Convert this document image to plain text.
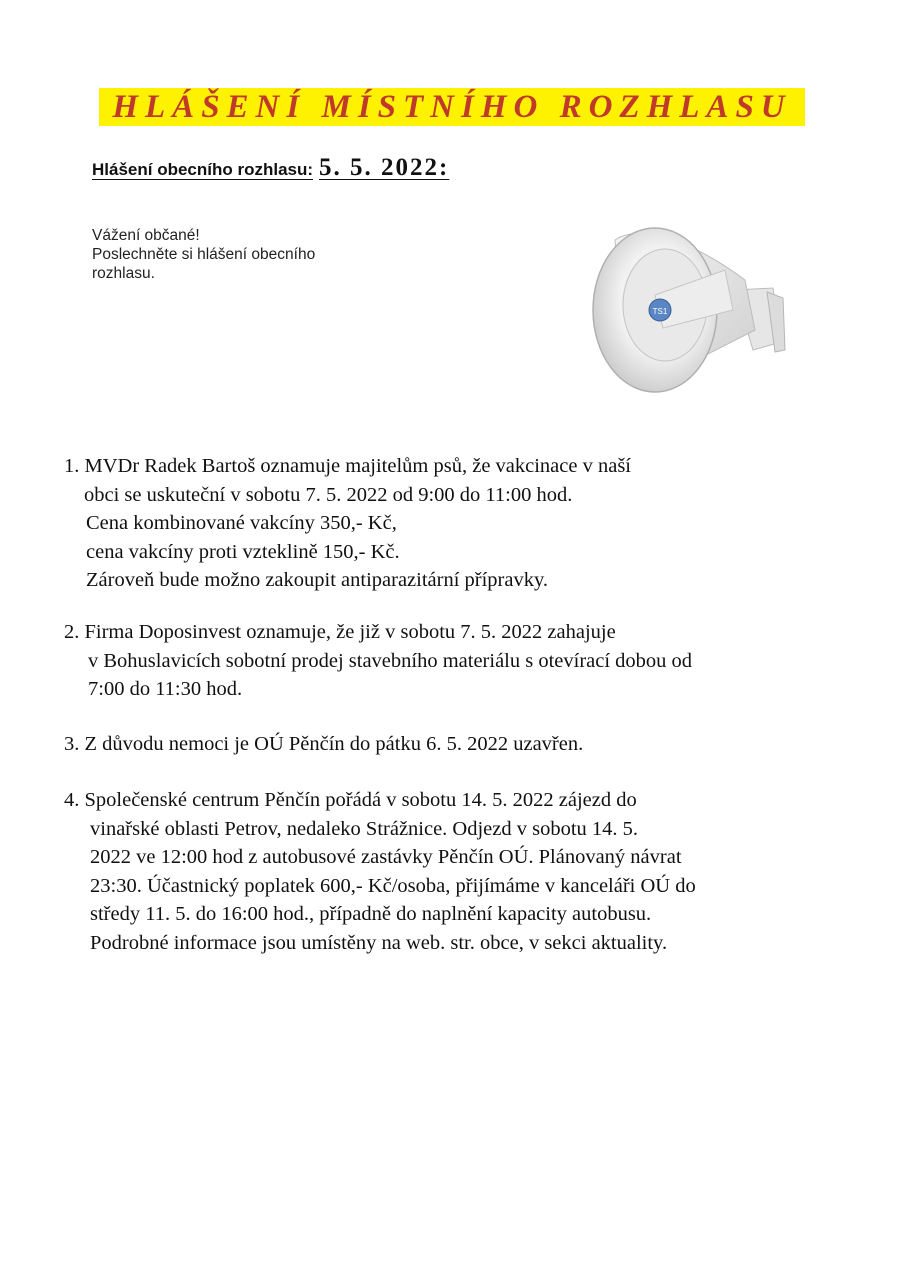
HLÁŠENÍ MÍSTNÍHO ROZHLASU
Hlášení obecního rozhlasu: 5. 5. 2022:
Vážení občané!
Poslechněte si hlášení obecního
rozhlasu.
TS1
1. MVDr Radek Bartoš oznamuje majitelům psů, že vakcinace v naší
obci se uskuteční v sobotu 7. 5. 2022 od 9:00 do 11:00 hod.
Cena kombinované vakcíny 350,- Kč,
cena vakcíny proti vzteklině 150,- Kč.
Zároveň bude možno zakoupit antiparazitární přípravky.
2. Firma Doposinvest oznamuje, že již v sobotu 7. 5. 2022 zahajuje
v Bohuslavicích sobotní prodej stavebního materiálu s otevírací dobou od
7:00 do 11:30 hod.
3. Z důvodu nemoci je OÚ Pěnčín do pátku 6. 5. 2022 uzavřen.
4. Společenské centrum Pěnčín pořádá v sobotu 14. 5. 2022 zájezd do
vinařské oblasti Petrov, nedaleko Strážnice. Odjezd v sobotu 14. 5.
2022 ve 12:00 hod z autobusové zastávky Pěnčín OÚ. Plánovaný návrat
23:30. Účastnický poplatek 600,- Kč/osoba, přijímáme v kanceláři OÚ do
středy 11. 5. do 16:00 hod., případně do naplnění kapacity autobusu.
Podrobné informace jsou umístěny na web. str. obce, v sekci aktuality.
